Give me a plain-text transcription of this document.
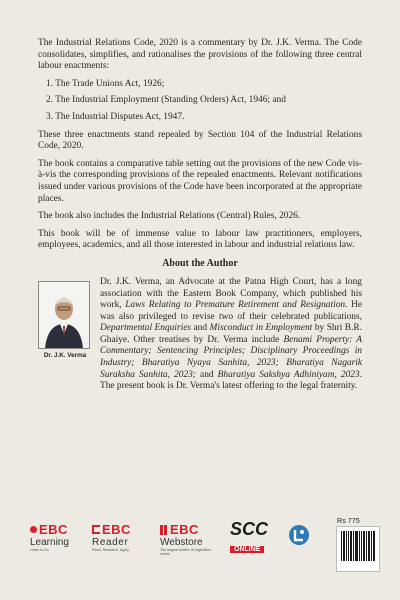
The Industrial Relations Code, 2020 is a commentary by Dr. J.K. Verma. The Code consolidates, simplifies, and rationalises the provisions of the following three central labour enactments:

1. The Trade Unions Act, 1926;
2. The Industrial Employment (Standing Orders) Act, 1946; and
3. The Industrial Disputes Act, 1947.

These three enactments stand repealed by Section 104 of the Industrial Relations Code, 2020.

The book contains a comparative table setting out the provisions of the new Code vis-à-vis the corresponding provisions of the repealed enactments. Relevant notifications issued under various provisions of the Code have been incorporated at the appropriate places.

The book also includes the Industrial Relations (Central) Rules, 2026.

This book will be of immense value to labour law practitioners, employers, employees, academics, and all those interested in labour and industrial relations law.

About the Author
Dr. J.K. Verma
Dr. J.K. Verma, an Advocate at the Patna High Court, has a long association with the Eastern Book Company, which published his work, Laws Relating to Premature Retirement and Resignation. He was also privileged to revise two of their celebrated publications, Departmental Enquiries and Misconduct in Employment by Shri B.R. Ghaiye. Other treatises by Dr. Verma include Benami Property: A Commentary; Sentencing Principles; Disciplinary Proceedings in Industry; Bharatiya Nyaya Sanhita, 2023; Bharatiya Nagarik Suraksha Sanhita, 2023; and Bharatiya Sakshya Adhiniyam, 2023. The present book is Dr. Verma's latest offering to the legal fraternity.
EBC
Learning
Learn to Do
EBC
Reader
Read. Research. Apply.
EBC
Webstore
The largest retailer of legal titles online
SCC
ONLINE
Rs 775
